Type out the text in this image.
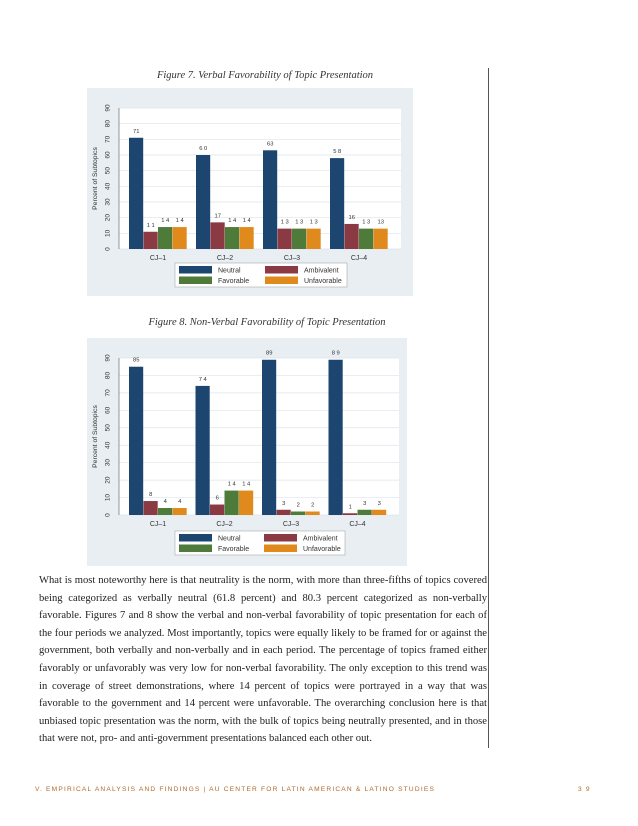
Figure 7. Verbal Favorability of Topic Presentation
0
10
20
30
40
50
60
70
80
90
Percent of Subtopics
71
1 1
1 4 1 4
CJ–1
6 0
17
1 4 1 4
CJ–2
63
1 3 1 3 1 3
CJ–3
5 8
16
1 3 13
CJ–4
Neutral	Ambivalent
Favorable	Unfavorable
Figure 8. Non-Verbal Favorability of Topic Presentation
0
10
20
30
40
50
60
70
80
90
Percent of Subtopics
85
8
4 4
CJ–1
7 4
6
1 4 1 4
CJ–2
89
3 2 2
CJ–3
8 9
1
3 3
CJ–4
Neutral	Ambivalent
Favorable	Unfavorable
What is most noteworthy here is that neutrality is the norm, with more than three-fifths of topics covered being categorized as verbally neutral (61.8 percent) and 80.3 percent categorized as non-verbally favorable. Figures 7 and 8 show the verbal and non-verbal favorability of topic presentation for each of the four periods we analyzed. Most importantly, topics were equally likely to be framed for or against the government, both verbally and non-verbally and in each period. The percentage of topics framed either favorably or unfavorably was very low for non-verbal favorability. The only exception to this trend was in coverage of street demonstrations, where 14 percent of topics were portrayed in a way that was favorable to the government and 14 percent were unfavorable. The overarching conclusion here is that unbiased topic presentation was the norm, with the bulk of topics being neutrally presented, and in those that were not, pro- and anti-government presentations balanced each other out.
V. EMPIRICAL ANALYSIS AND FINDINGS | AU CENTER FOR LATIN AMERICAN & LATINO STUDIES	3 9
